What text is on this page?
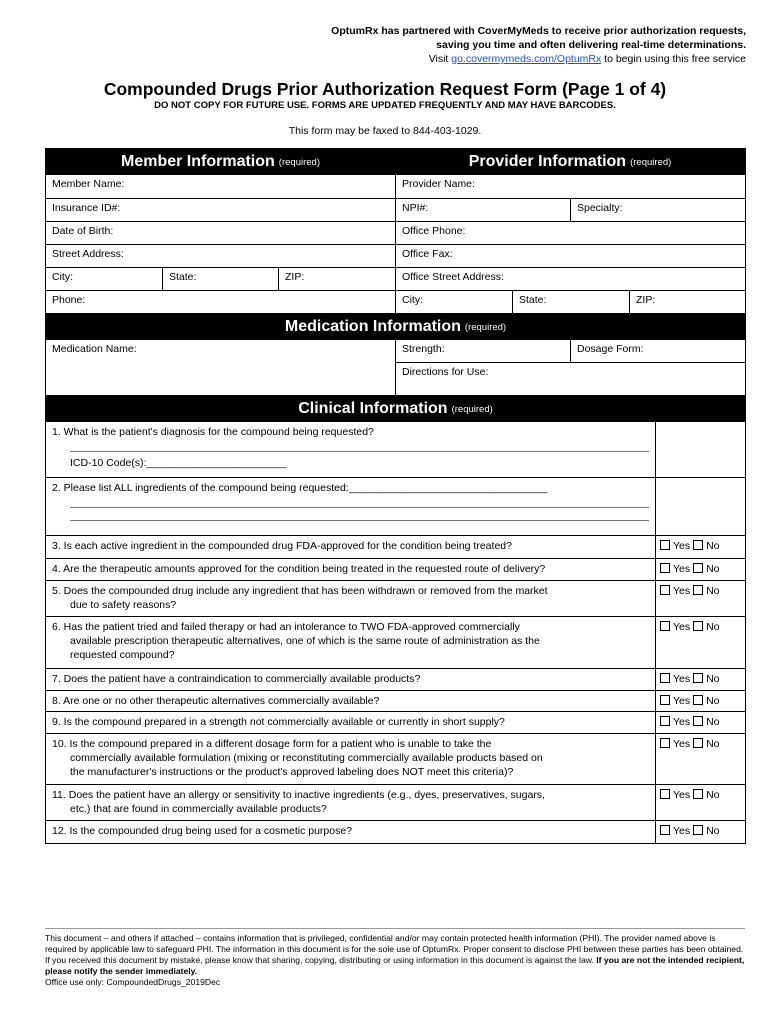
OptumRx has partnered with CoverMyMeds to receive prior authorization requests,
saving you time and often delivering real-time determinations.
Visit go.covermymeds.com/OptumRx to begin using this free service
Compounded Drugs Prior Authorization Request Form (Page 1 of 4)
DO NOT COPY FOR FUTURE USE. FORMS ARE UPDATED FREQUENTLY AND MAY HAVE BARCODES.
This form may be faxed to 844-403-1029.
Member Information (required)	Provider Information (required)
Member Name:	Provider Name:
Insurance ID#:	NPI#:	Specialty:
Date of Birth:	Office Phone:
Street Address:	Office Fax:
City:	State:	ZIP:	Office Street Address:
Phone:	City:	State:	ZIP:
Medication Information (required)
Medication Name:	Strength:	Dosage Form:
Directions for Use:
Clinical Information (required)
1. What is the patient's diagnosis for the compound being requested?
ICD-10 Code(s):________________________
2. Please list ALL ingredients of the compound being requested:__________________________________
3. Is each active ingredient in the compounded drug FDA-approved for the condition being treated?	Yes No
4. Are the therapeutic amounts approved for the condition being treated in the requested route of delivery?	Yes No
5. Does the compounded drug include any ingredient that has been withdrawn or removed from the market
due to safety reasons?
Yes No
6. Has the patient tried and failed therapy or had an intolerance to TWO FDA-approved commercially
available prescription therapeutic alternatives, one of which is the same route of administration as the
requested compound?
Yes No
7. Does the patient have a contraindication to commercially available products?	Yes No
8. Are one or no other therapeutic alternatives commercially available?	Yes No
9. Is the compound prepared in a strength not commercially available or currently in short supply?	Yes No
10. Is the compound prepared in a different dosage form for a patient who is unable to take the
commercially available formulation (mixing or reconstituting commercially available products based on
the manufacturer's instructions or the product's approved labeling does NOT meet this criteria)?
Yes No
11. Does the patient have an allergy or sensitivity to inactive ingredients (e.g., dyes, preservatives, sugars,
etc.) that are found in commercially available products?
Yes No
12. Is the compounded drug being used for a cosmetic purpose?	Yes No
This document – and others if attached – contains information that is privileged, confidential and/or may contain protected health information (PHI). The provider named above is required by applicable law to safeguard PHI. The information in this document is for the sole use of OptumRx. Proper consent to disclose PHI between these parties has been obtained. If you received this document by mistake, please know that sharing, copying, distributing or using information in this document is against the law. If you are not the intended recipient, please notify the sender immediately.
Office use only: CompoundedDrugs_2019Dec
